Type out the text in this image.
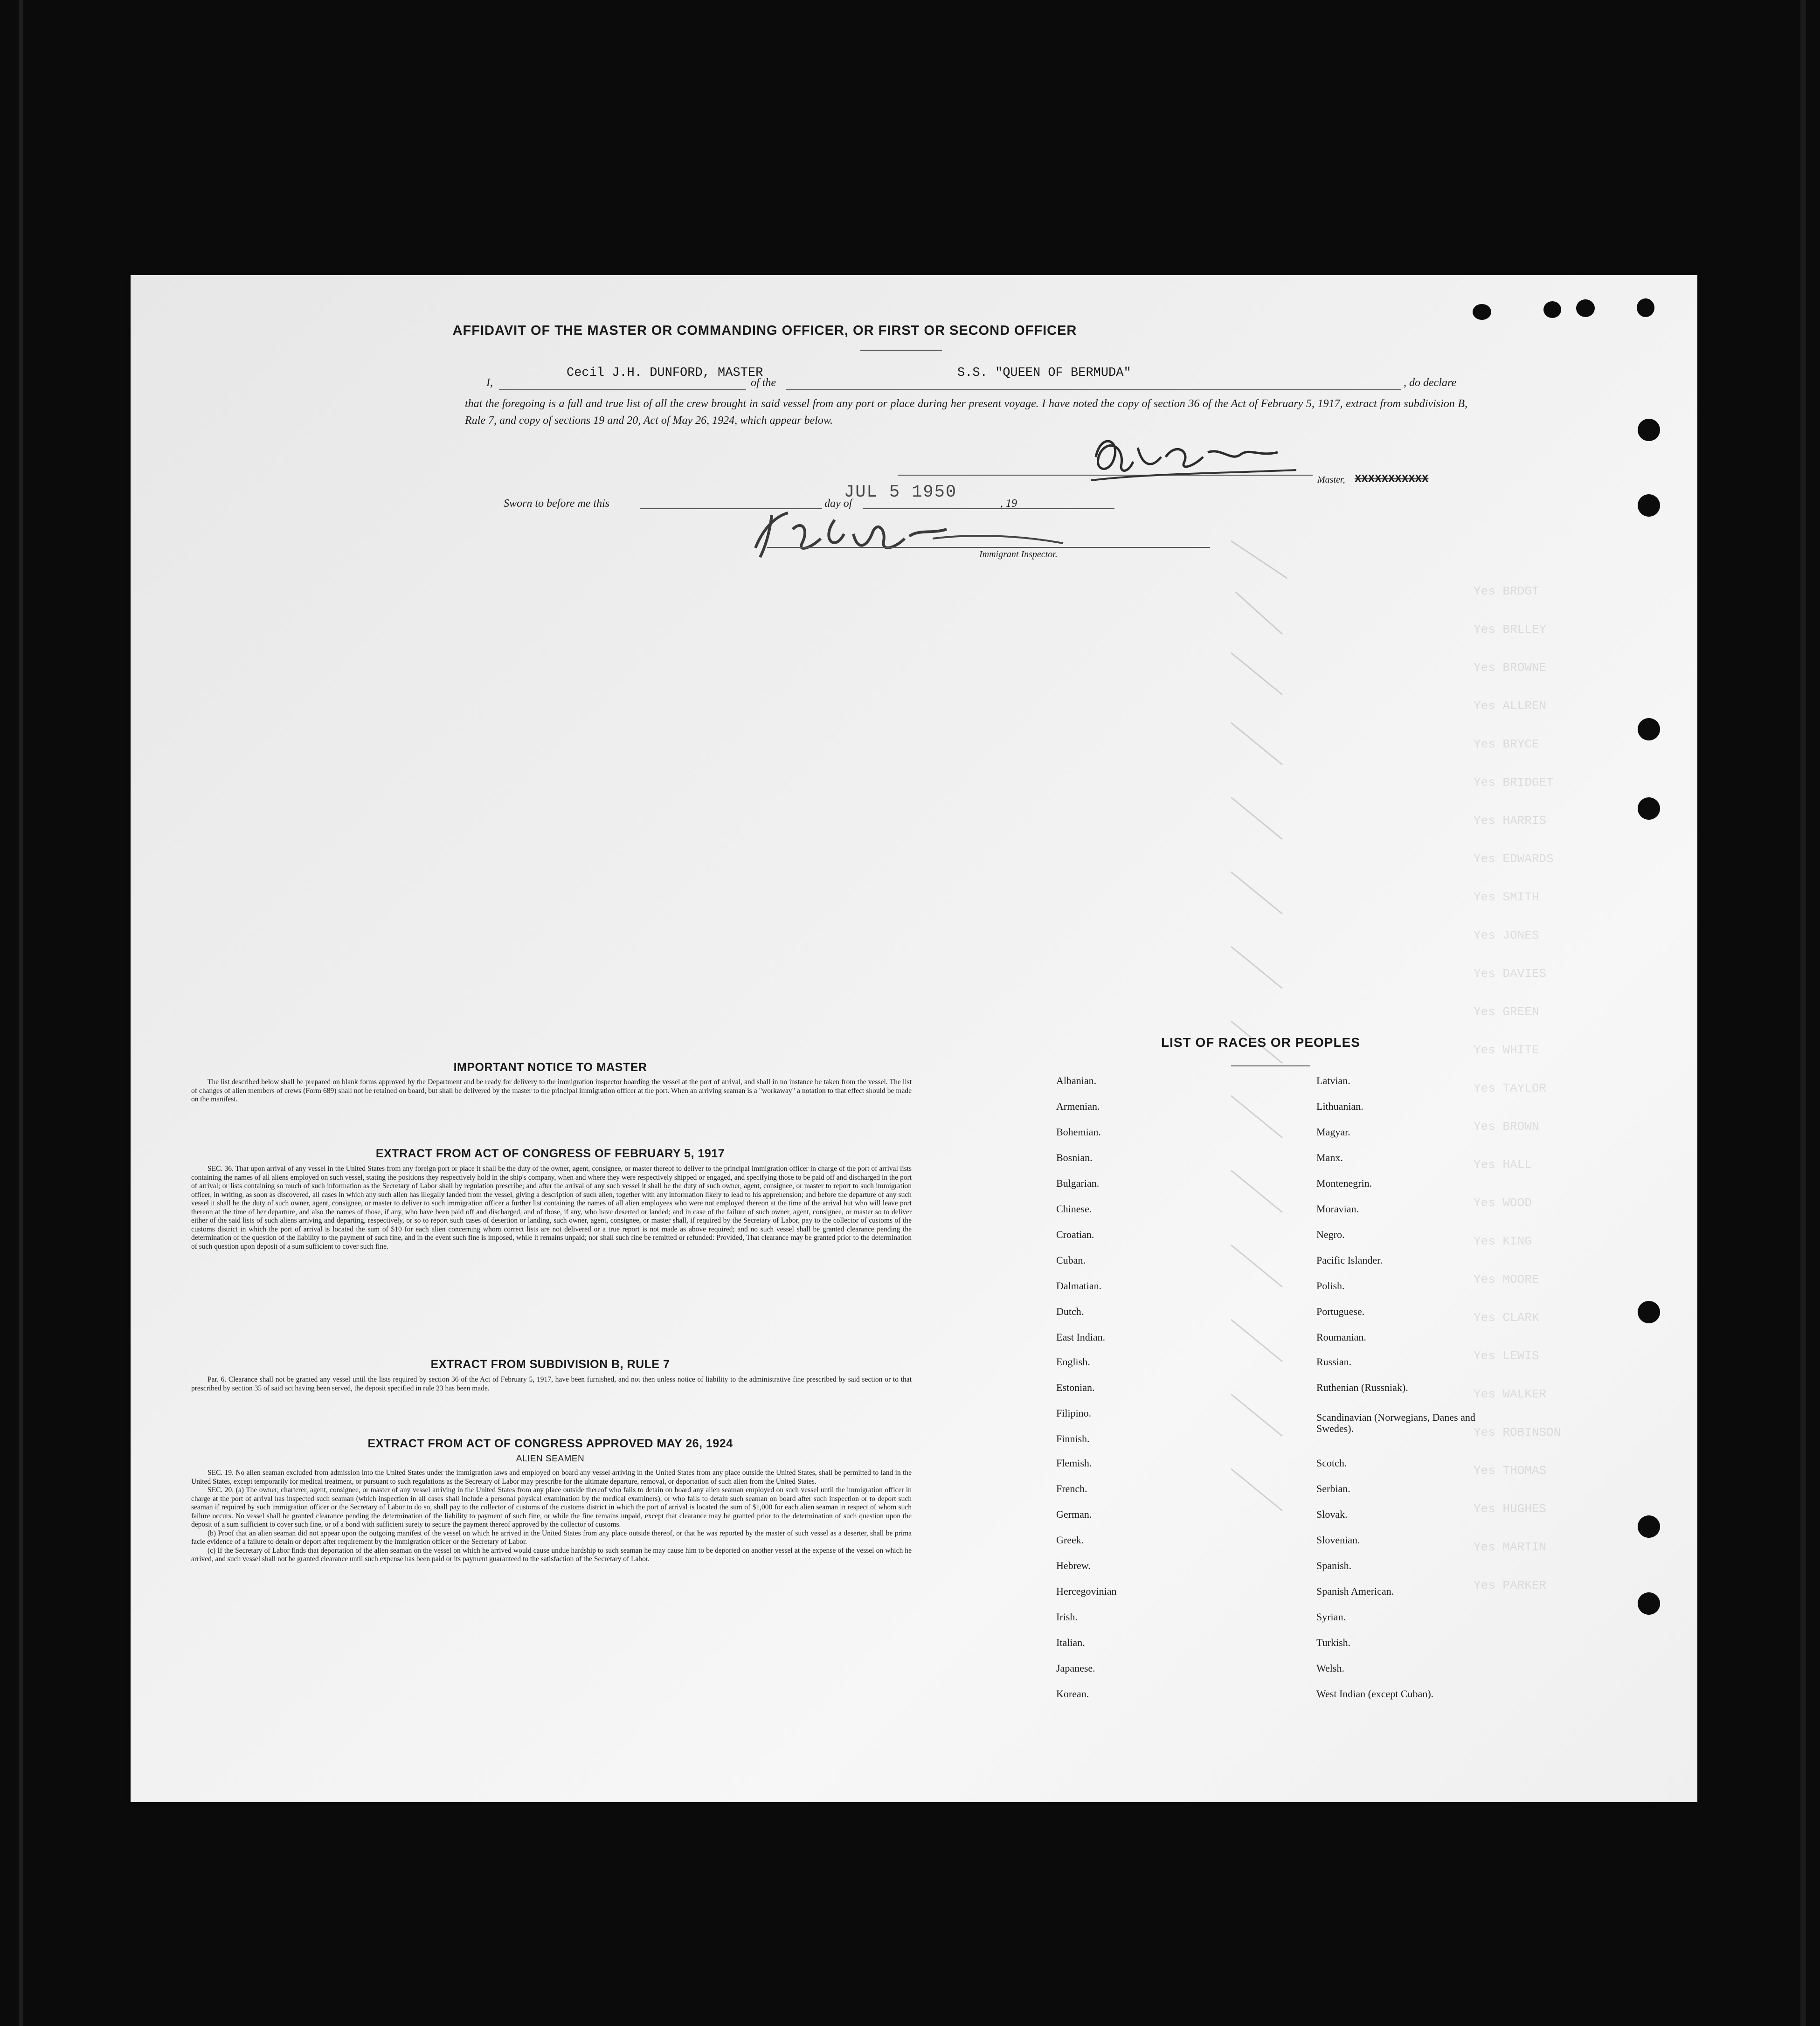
Yes BRDGT
Yes BRLLEY
Yes BROWNE
Yes ALLREN
Yes BRYCE
Yes BRIDGET
Yes HARRIS
Yes EDWARDS
Yes SMITH
Yes JONES
Yes DAVIES
Yes GREEN
Yes WHITE
Yes TAYLOR
Yes BROWN
Yes HALL
Yes WOOD
Yes KING
Yes MOORE
Yes CLARK
Yes LEWIS
Yes WALKER
Yes ROBINSON
Yes THOMAS
Yes HUGHES
Yes MARTIN
Yes PARKER
AFFIDAVIT OF THE MASTER OR COMMANDING OFFICER, OR FIRST OR SECOND OFFICER
I,
Cecil J.H. DUNFORD, MASTER
of the
S.S. "QUEEN OF BERMUDA"
, do declare
that the foregoing is a full and true list of all the crew brought in said vessel from any port or place during her present voyage. I have noted the copy of section 36 of the Act of February 5, 1917, extract from subdivision B, Rule 7, and copy of sections 19 and 20, Act of May 26, 1924, which appear below.
Master, XXXXXXXXXXX
Sworn to before me this	day of
JUL 5 1950
, 19
Immigrant Inspector.
IMPORTANT NOTICE TO MASTER

The list described below shall be prepared on blank forms approved by the Department and be ready for delivery to the immigration inspector boarding the vessel at the port of arrival, and shall in no instance be taken from the vessel. The list of changes of alien members of crews (Form 689) shall not be retained on board, but shall be delivered by the master to the principal immigration officer at the port. When an arriving seaman is a "workaway" a notation to that effect should be made on the manifest.

EXTRACT FROM ACT OF CONGRESS OF FEBRUARY 5, 1917

SEC. 36. That upon arrival of any vessel in the United States from any foreign port or place it shall be the duty of the owner, agent, consignee, or master thereof to deliver to the principal immigration officer in charge of the port of arrival lists containing the names of all aliens employed on such vessel, stating the positions they respectively hold in the ship's company, when and where they were respectively shipped or engaged, and specifying those to be paid off and discharged in the port of arrival; or lists containing so much of such information as the Secretary of Labor shall by regulation prescribe; and after the arrival of any such vessel it shall be the duty of such owner, agent, consignee, or master to report to such immigration officer, in writing, as soon as discovered, all cases in which any such alien has illegally landed from the vessel, giving a description of such alien, together with any information likely to lead to his apprehension; and before the departure of any such vessel it shall be the duty of such owner, agent, consignee, or master to deliver to such immigration officer a further list containing the names of all alien employees who were not employed thereon at the time of the arrival but who will leave port thereon at the time of her departure, and also the names of those, if any, who have been paid off and discharged, and of those, if any, who have deserted or landed; and in case of the failure of such owner, agent, consignee, or master so to deliver either of the said lists of such aliens arriving and departing, respectively, or so to report such cases of desertion or landing, such owner, agent, consignee, or master shall, if required by the Secretary of Labor, pay to the collector of customs of the customs district in which the port of arrival is located the sum of $10 for each alien concerning whom correct lists are not delivered or a true report is not made as above required; and no such vessel shall be granted clearance pending the determination of the question of the liability to the payment of such fine, and in the event such fine is imposed, while it remains unpaid; nor shall such fine be remitted or refunded: Provided, That clearance may be granted prior to the determination of such question upon deposit of a sum sufficient to cover such fine.

EXTRACT FROM SUBDIVISION B, RULE 7

Par. 6. Clearance shall not be granted any vessel until the lists required by section 36 of the Act of February 5, 1917, have been furnished, and not then unless notice of liability to the administrative fine prescribed by said section or to that prescribed by section 35 of said act having been served, the deposit specified in rule 23 has been made.

EXTRACT FROM ACT OF CONGRESS APPROVED MAY 26, 1924
ALIEN SEAMEN

SEC. 19. No alien seaman excluded from admission into the United States under the immigration laws and employed on board any vessel arriving in the United States from any place outside the United States, shall be permitted to land in the United States, except temporarily for medical treatment, or pursuant to such regulations as the Secretary of Labor may prescribe for the ultimate departure, removal, or deportation of such alien from the United States.

SEC. 20. (a) The owner, charterer, agent, consignee, or master of any vessel arriving in the United States from any place outside thereof who fails to detain on board any alien seaman employed on such vessel until the immigration officer in charge at the port of arrival has inspected such seaman (which inspection in all cases shall include a personal physical examination by the medical examiners), or who fails to detain such seaman on board after such inspection or to deport such seaman if required by such immigration officer or the Secretary of Labor to do so, shall pay to the collector of customs of the customs district in which the port of arrival is located the sum of $1,000 for each alien seaman in respect of whom such failure occurs. No vessel shall be granted clearance pending the determination of the liability to payment of such fine, or while the fine remains unpaid, except that clearance may be granted prior to the determination of such question upon the deposit of a sum sufficient to cover such fine, or of a bond with sufficient surety to secure the payment thereof approved by the collector of customs.

(b) Proof that an alien seaman did not appear upon the outgoing manifest of the vessel on which he arrived in the United States from any place outside thereof, or that he was reported by the master of such vessel as a deserter, shall be prima facie evidence of a failure to detain or deport after requirement by the immigration officer or the Secretary of Labor.

(c) If the Secretary of Labor finds that deportation of the alien seaman on the vessel on which he arrived would cause undue hardship to such seaman he may cause him to be deported on another vessel at the expense of the vessel on which he arrived, and such vessel shall not be granted clearance until such expense has been paid or its payment guaranteed to the satisfaction of the Secretary of Labor.

LIST OF RACES OR PEOPLES
Albanian.
Armenian.
Bohemian.
Bosnian.
Bulgarian.
Chinese.
Croatian.
Cuban.
Dalmatian.
Dutch.
East Indian.
English.
Estonian.
Filipino.
Finnish.
Flemish.
French.
German.
Greek.
Hebrew.
Hercegovinian
Irish.
Italian.
Japanese.
Korean.
Latvian.
Lithuanian.
Magyar.
Manx.
Montenegrin.
Moravian.
Negro.
Pacific Islander.
Polish.
Portuguese.
Roumanian.
Russian.
Ruthenian (Russniak).
Scandinavian (Norwegians, Danes and Swedes).
Scotch.
Serbian.
Slovak.
Slovenian.
Spanish.
Spanish American.
Syrian.
Turkish.
Welsh.
West Indian (except Cuban).
